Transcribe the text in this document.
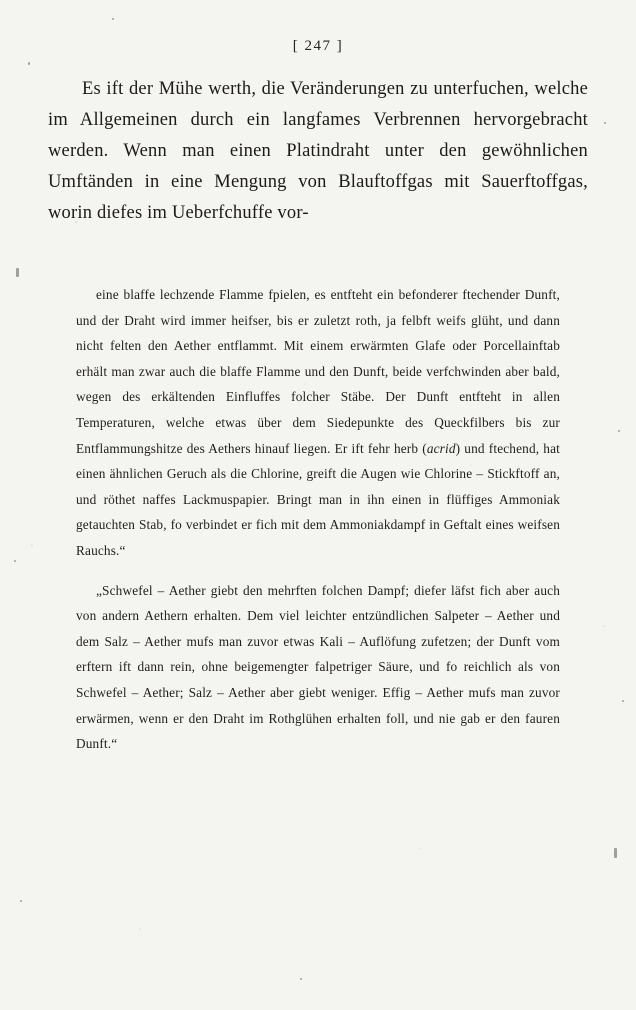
[ 247 ]
Es ift der Mühe werth, die Veränderungen zu unterfuchen, welche im Allgemeinen durch ein langfames Verbrennen hervorgebracht werden. Wenn man einen Platindraht unter den gewöhnlichen Umftänden in eine Mengung von Blauftoffgas mit Sauerftoffgas, worin diefes im Ueberfchuffe vor-

eine blaffe lechzende Flamme fpielen, es entfteht ein befonderer ftechender Dunft, und der Draht wird immer heifser, bis er zuletzt roth, ja felbft weifs glüht, und dann nicht felten den Aether entflammt. Mit einem erwärmten Glafe oder Porcellainftab erhält man zwar auch die blaffe Flamme und den Dunft, beide verfchwinden aber bald, wegen des erkältenden Einfluffes folcher Stäbe. Der Dunft entfteht in allen Temperaturen, welche etwas über dem Siedepunkte des Queckfilbers bis zur Entflammungshitze des Aethers hinauf liegen. Er ift fehr herb (acrid) und ftechend, hat einen ähnlichen Geruch als die Chlorine, greift die Augen wie Chlorine – Stickftoff an, und röthet naffes Lackmuspapier. Bringt man in ihn einen in flüffiges Ammoniak getauchten Stab, fo verbindet er fich mit dem Ammoniakdampf in Geftalt eines weifsen Rauchs.“

„Schwefel – Aether giebt den mehrften folchen Dampf; diefer läfst fich aber auch von andern Aethern erhalten. Dem viel leichter entzündlichen Salpeter – Aether und dem Salz – Aether mufs man zuvor etwas Kali – Auflöfung zufetzen; der Dunft vom erftern ift dann rein, ohne beigemengter falpetriger Säure, und fo reichlich als von Schwefel – Aether; Salz – Aether aber giebt weniger. Effig – Aether mufs man zuvor erwärmen, wenn er den Draht im Rothglühen erhalten foll, und nie gab er den fauren Dunft.“
